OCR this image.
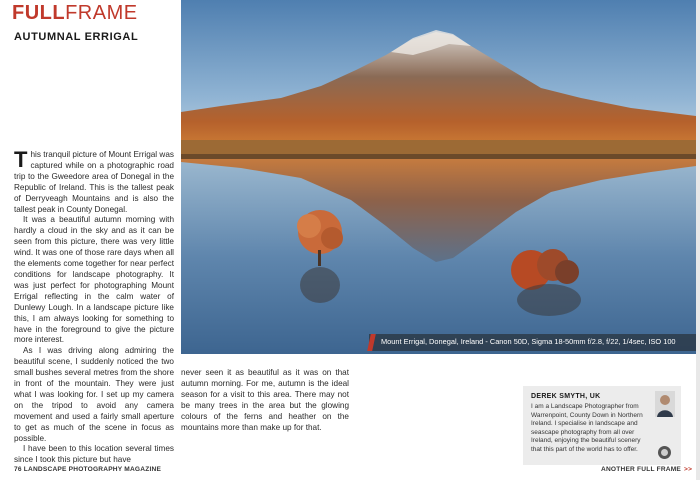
FULLFRAME
AUTUMNAL ERRIGAL

This tranquil picture of Mount Errigal was captured while on a photographic road trip to the Gweedore area of Donegal in the Republic of Ireland. This is the tallest peak of Derryveagh Mountains and is also the tallest peak in County Donegal.

It was a beautiful autumn morning with hardly a cloud in the sky and as it can be seen from this picture, there was very little wind. It was one of those rare days when all the elements come together for near perfect conditions for landscape photography. It was just perfect for photographing Mount Errigal reflecting in the calm water of Dunlewy Lough. In a landscape picture like this, I am always looking for something to have in the foreground to give the picture more interest.

As I was driving along admiring the beautiful scene, I suddenly noticed the two small bushes several metres from the shore in front of the mountain. They were just what I was looking for. I set up my camera on the tripod to avoid any camera movement and used a fairly small aperture to get as much of the scene in focus as possible.

I have been to this location several times since I took this picture but have

never seen it as beautiful as it was on that autumn morning. For me, autumn is the ideal season for a visit to this area. There may not be many trees in the area but the glowing colours of the ferns and heather on the mountains more than make up for that.

Mount Errigal, Donegal, Ireland - Canon 50D, Sigma 18-50mm f/2.8, f/22, 1/4sec, ISO 100
DEREK SMYTH, UK
I am a Landscape Photographer from Warrenpoint, County Down in Northern Ireland. I specialise in landscape and seascape photography from all over Ireland, enjoying the beautiful scenery that this part of the world has to offer.
76 LANDSCAPE PHOTOGRAPHY MAGAZINE	ANOTHER FULL FRAME >>
